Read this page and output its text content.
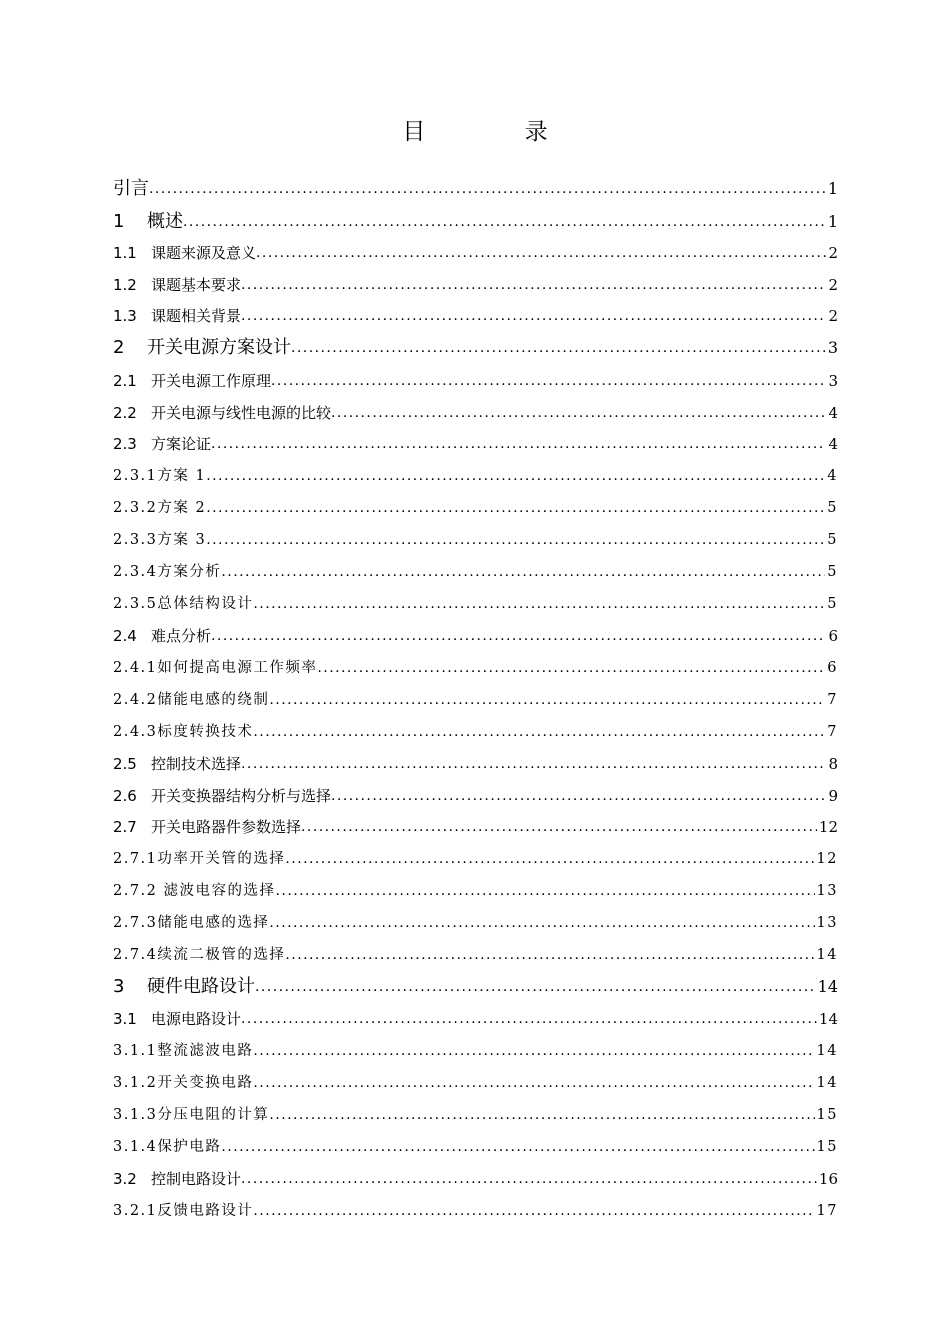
目 录
引言 . . .	1
1 概述 . . .	1
1.1 课题来源及意义 . . .	2
1.2 课题基本要求 . . .	2
1.3 课题相关背景 . . .	2
2 开关电源方案设计 . . .	3
2.1 开关电源工作原理 . . .	3
2.2 开关电源与线性电源的比较 . . .	4
2.3 方案论证 . . .	4
2.3.1方案 1 . . .	4
2.3.2方案 2 . . .	5
2.3.3方案 3 . . .	5
2.3.4方案分析 . . .	5
2.3.5总体结构设计 . . .	5
2.4 难点分析 . . .	6
2.4.1如何提高电源工作频率 . . .	6
2.4.2储能电感的绕制 . . .	7
2.4.3标度转换技术 . . .	7
2.5 控制技术选择 . . .	8
2.6 开关变换器结构分析与选择 . . .	9
2.7 开关电路器件参数选择 . . .	12
2.7.1功率开关管的选择 . . .	12
2.7.2 滤波电容的选择 . . .	13
2.7.3储能电感的选择 . . .	13
2.7.4续流二极管的选择 . . .	14
3 硬件电路设计 . . .	14
3.1 电源电路设计 . . .	14
3.1.1整流滤波电路 . . .	14
3.1.2开关变换电路 . . .	14
3.1.3分压电阻的计算 . . .	15
3.1.4保护电路 . . .	15
3.2 控制电路设计 . . .	16
3.2.1反馈电路设计 . . .	17
